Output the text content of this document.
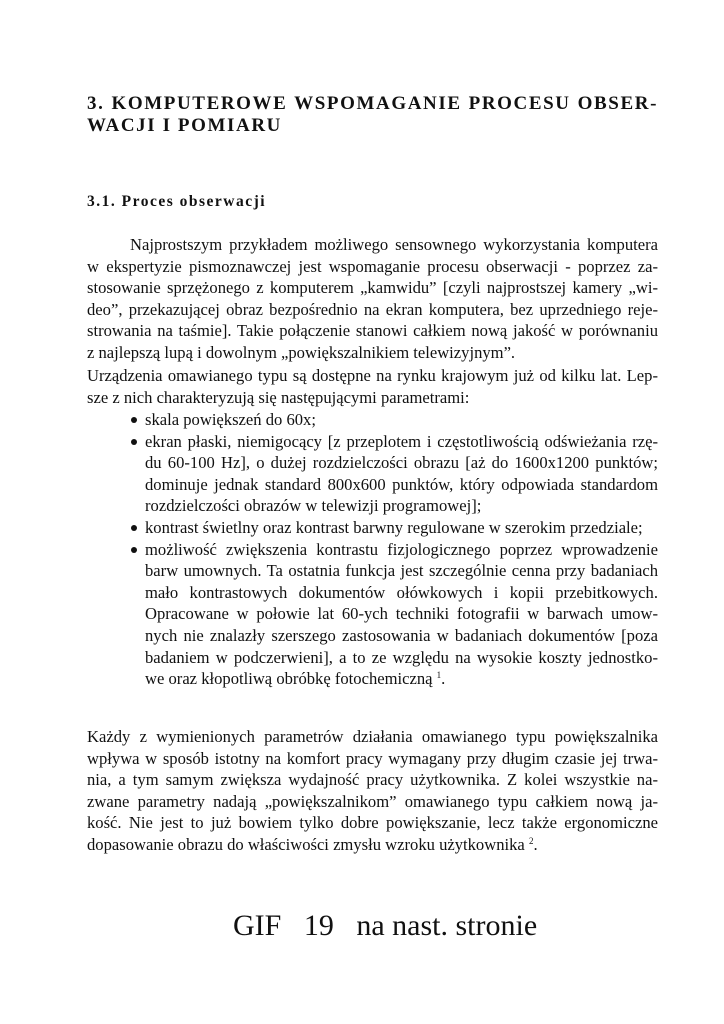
3. KOMPUTEROWE WSPOMAGANIE PROCESU OBSER-
WACJI I POMIARU
3.1. Proces obserwacji
Najprostszym przykładem możliwego sensownego wykorzystania komputera
w ekspertyzie pismoznawczej jest wspomaganie procesu obserwacji - poprzez za-
stosowanie sprzężonego z komputerem „kamwidu” [czyli najprostszej kamery „wi-
deo”, przekazującej obraz bezpośrednio na ekran komputera, bez uprzedniego reje-
strowania na taśmie]. Takie połączenie stanowi całkiem nową jakość w porównaniu
z najlepszą lupą i dowolnym „powiększalnikiem telewizyjnym”.
Urządzenia omawianego typu są dostępne na rynku krajowym już od kilku lat. Lep-
sze z nich charakteryzują się następującymi parametrami:
skala powiększeń do 60x;
ekran płaski, niemigocący [z przeplotem i częstotliwością odświeżania rzę-
du 60-100 Hz], o dużej rozdzielczości obrazu [aż do 1600x1200 punktów;
dominuje jednak standard 800x600 punktów, który odpowiada standardom
rozdzielczości obrazów w telewizji programowej];
kontrast świetlny oraz kontrast barwny regulowane w szerokim przedziale;
możliwość zwiększenia kontrastu fizjologicznego poprzez wprowadzenie
barw umownych. Ta ostatnia funkcja jest szczególnie cenna przy badaniach
mało kontrastowych dokumentów ołówkowych i kopii przebitkowych.
Opracowane w połowie lat 60-ych techniki fotografii w barwach umow-
nych nie znalazły szerszego zastosowania w badaniach dokumentów [poza
badaniem w podczerwieni], a to ze względu na wysokie koszty jednostko-
we oraz kłopotliwą obróbkę fotochemiczną $^1$.
Każdy z wymienionych parametrów działania omawianego typu powiększalnika
wpływa w sposób istotny na komfort pracy wymagany przy długim czasie jej trwa-
nia, a tym samym zwiększa wydajność pracy użytkownika. Z kolei wszystkie na-
zwane parametry nadają „powiększalnikom” omawianego typu całkiem nową ja-
kość. Nie jest to już bowiem tylko dobre powiększanie, lecz także ergonomiczne
dopasowanie obrazu do właściwości zmysłu wzroku użytkownika $^2$.
GIF   19   na nast. stronie
